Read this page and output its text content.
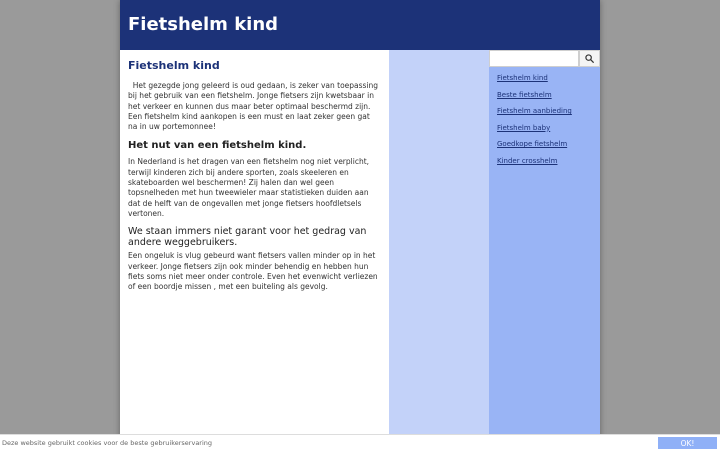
Fietshelm kind
Fietshelm kind

Het gezegde jong geleerd is oud gedaan, is zeker van toepassing bij het gebruik van een fietshelm. Jonge fietsers zijn kwetsbaar in het verkeer en kunnen dus maar beter optimaal beschermd zijn. Een fietshelm kind aankopen is een must en laat zeker geen gat na in uw portemonnee!

Het nut van een fietshelm kind.

In Nederland is het dragen van een fietshelm nog niet verplicht, terwijl kinderen zich bij andere sporten, zoals skeeleren en skateboarden wel beschermen! Zij halen dan wel geen topsnelheden met hun tweewieler maar statistieken duiden aan dat de helft van de ongevallen met jonge fietsers hoofdletsels vertonen.

We staan immers niet garant voor het gedrag van andere weggebruikers.

Een ongeluk is vlug gebeurd want fietsers vallen minder op in het verkeer. Jonge fietsers zijn ook minder behendig en hebben hun fiets soms niet meer onder controle. Even het evenwicht verliezen of een boordje missen , met een buiteling als gevolg.

Fietshelm kind
Beste fietshelm
Fietshelm aanbieding
Fietshelm baby
Goedkope fietshelm
Kinder crosshelm
Deze website gebruikt cookies voor de beste gebruikerservaring	OK!
